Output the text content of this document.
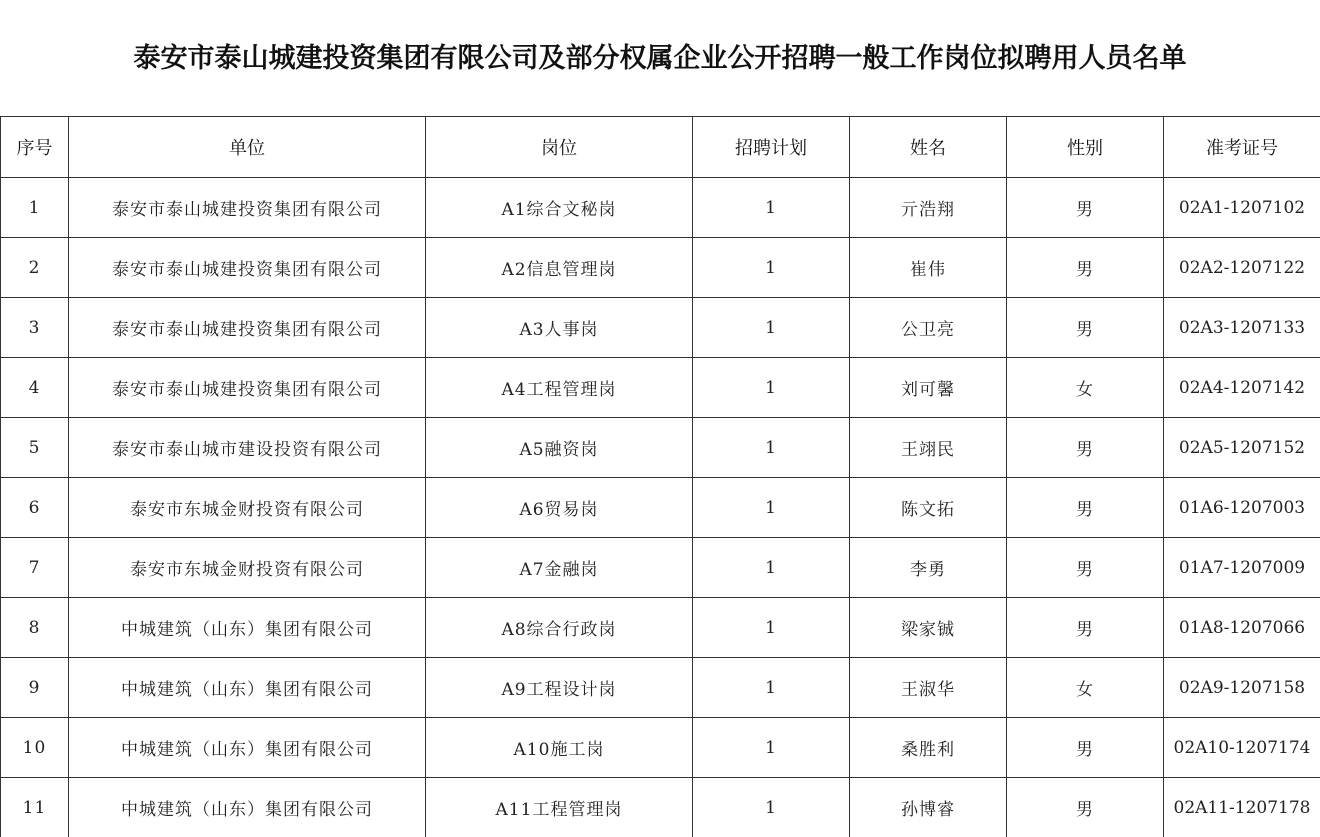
泰安市泰山城建投资集团有限公司及部分权属企业公开招聘一般工作岗位拟聘用人员名单
序号	单位	岗位	招聘计划	姓名	性别	准考证号
1	泰安市泰山城建投资集团有限公司	A1综合文秘岗	1	亓浩翔	男	02A1-1207102
2	泰安市泰山城建投资集团有限公司	A2信息管理岗	1	崔伟	男	02A2-1207122
3	泰安市泰山城建投资集团有限公司	A3人事岗	1	公卫亮	男	02A3-1207133
4	泰安市泰山城建投资集团有限公司	A4工程管理岗	1	刘可馨	女	02A4-1207142
5	泰安市泰山城市建设投资有限公司	A5融资岗	1	王翊民	男	02A5-1207152
6	泰安市东城金财投资有限公司	A6贸易岗	1	陈文拓	男	01A6-1207003
7	泰安市东城金财投资有限公司	A7金融岗	1	李勇	男	01A7-1207009
8	中城建筑（山东）集团有限公司	A8综合行政岗	1	梁家铖	男	01A8-1207066
9	中城建筑（山东）集团有限公司	A9工程设计岗	1	王淑华	女	02A9-1207158
10	中城建筑（山东）集团有限公司	A10施工岗	1	桑胜利	男	02A10-1207174
11	中城建筑（山东）集团有限公司	A11工程管理岗	1	孙博睿	男	02A11-1207178
